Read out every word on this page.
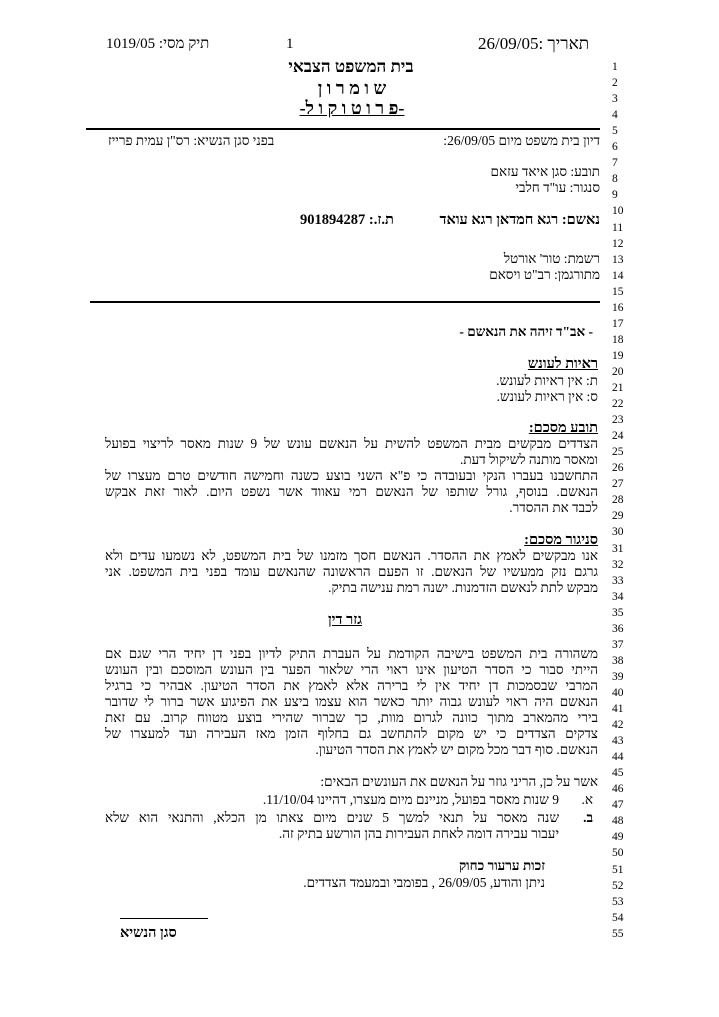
תאריך :26/09/05
1
תיק מסי: 1019/05
בית המשפט הצבאי
ש ו מ ר ו ן
-פ ר ו ט ו ק ו ל-
דיון בית משפט מיום 26/09/05:
בפני סגן הנשיא: רס"ן עמית פרייז
תובע: סגן איאד עזאם
סנגור: עו"ד חלבי
נאשם: רגא חמדאן רגא עואד
ת.ז.: 901894287
רשמת: טור' אורטל
מתורגמן: רב"ט ויסאם
- אב"ד זיהה את הנאשם -
ראיות לעונש
ת: אין ראיות לעונש.
ס: אין ראיות לעונש.
תובע מסכם:
הצדדים מבקשים מבית המשפט להשית על הנאשם עונש של 9 שנות מאסר לריצוי בפועל
ומאסר מותנה לשיקול דעת.
התחשבנו בעברו הנקי ובעובדה כי פ"א השני בוצע כשנה וחמישה חודשים טרם מעצרו של
הנאשם. בנוסף, גורל שותפו של הנאשם רמי עאווד אשר נשפט היום. לאור זאת אבקש
לכבד את ההסדר.
סניגור מסכם:
אנו מבקשים לאמץ את ההסדר. הנאשם חסך מזמנו של בית המשפט, לא נשמעו עדים ולא
גרגם נזק ממעשיו של הנאשם. זו הפעם הראשונה שהנאשם עומד בפני בית המשפט. אני
מבקש לתת לנאשם הזדמנות. ישנה רמת ענישה בתיק.
גזר דין
משהורה בית המשפט בישיבה הקודמת על העברת התיק לדיון בפני דן יחיד הרי שגם אם
הייתי סבור כי הסדר הטיעון אינו ראוי הרי שלאור הפער בין העונש המוסכם ובין העונש
המרבי שבסמכות דן יחיד אין לי ברירה אלא לאמץ את הסדר הטיעון. אבהיר כי ברגיל
הנאשם היה ראוי לעונש גבוה יותר כאשר הוא עצמו ביצע את הפיגוע אשר ברור לי שדובר
בירי מהמארב מתוך כוונה לגרום מוות, כך שברור שהירי בוצע מטווח קרוב. עם זאת
צדקים הצדדים כי יש מקום להתחשב גם בחלוף הזמן מאז העבירה ועד למעצרו של
הנאשם. סוף דבר מכל מקום יש לאמץ את הסדר הטיעון.
אשר על כן, הריני גוזר על הנאשם את העונשים הבאים:
א.
9 שנות מאסר בפועל, מניינם מיום מעצרו, דהיינו 11/10/04.
ב.
שנה מאסר על תנאי למשך 5 שנים מיום צאתו מן הכלא, והתנאי הוא שלא
יעבור עבירה דומה לאחת העבירות בהן הורשע בתיק זה.
זכות ערעור כחוק
ניתן והודע, 26/09/05 , בפומבי ובמעמד הצדדים.
סגן הנשיא
1
2
3
4
5
6
7
8
9
10
11
12
13
14
15
16
17
18
19
20
21
22
23
24
25
26
27
28
29
30
31
32
33
34
35
36
37
38
39
40
41
42
43
44
45
46
47
48
49
50
51
52
53
54
55
